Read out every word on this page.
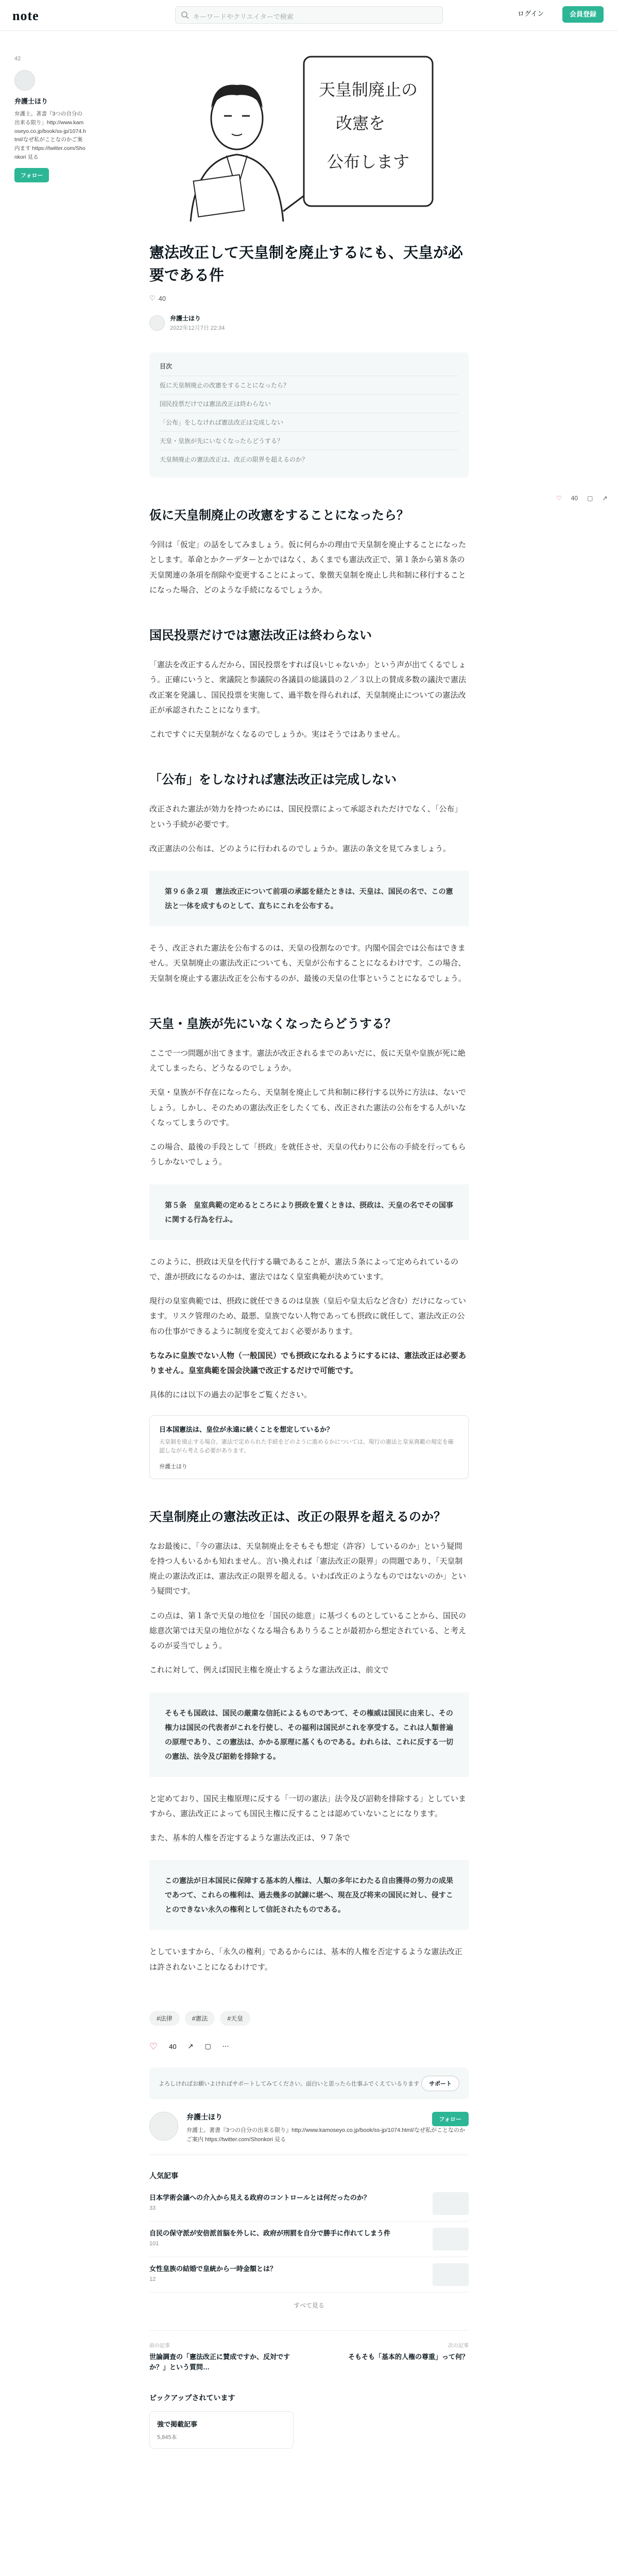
note	キーワードやクリエイターで検索	ログイン	会員登録
42
弁護士ほり
弁護士。著書『3つの自分の出来る限り」http://www.kamoseyo.co.jp/book/ss-jp/1074.html/なぜ私がことなのかご案内ます https://twitter.com/Shonkori 見る
フォロー
天皇制廃止の
改憲を
公布します
♡ 40 ▢ ↗
憲法改正して天皇制を廃止するにも、天皇が必要である件
♡ 40
弁護士ほり
2022年12月7日 22:34
目次
仮に天皇制廃止の改憲をすることになったら？
国民投票だけでは憲法改正は終わらない
「公布」をしなければ憲法改正は完成しない
天皇・皇族が先にいなくなったらどうする？
天皇制廃止の憲法改正は、改正の限界を超えるのか？
仮に天皇制廃止の改憲をすることになったら？

今回は「仮定」の話をしてみましょう。仮に何らかの理由で天皇制を廃止することになったとします。革命とかクーデターとかではなく、あくまでも憲法改正で、第１条から第８条の天皇関連の条項を削除や変更することによって、象徴天皇制を廃止し共和制に移行することになった場合、どのような手続になるでしょうか。

国民投票だけでは憲法改正は終わらない

「憲法を改正するんだから、国民投票をすれば良いじゃないか」という声が出てくるでしょう。正確にいうと、衆議院と参議院の各議員の総議員の２／３以上の賛成多数の議決で憲法改正案を発議し、国民投票を実施して、過半数を得られれば、天皇制廃止についての憲法改正が承認されたことになります。

これですぐに天皇制がなくなるのでしょうか。実はそうではありません。

「公布」をしなければ憲法改正は完成しない

改正された憲法が効力を持つためには、国民投票によって承認されただけでなく、「公布」という手続が必要です。

改正憲法の公布は、どのように行われるのでしょうか。憲法の条文を見てみましょう。

第９６条２項　憲法改正について前項の承認を経たときは、天皇は、国民の名で、この憲法と一体を成すものとして、直ちにこれを公布する。

そう、改正された憲法を公布するのは、天皇の役割なのです。内閣や国会では公布はできません。天皇制廃止の憲法改正についても、天皇が公布することになるわけです。この場合、天皇制を廃止する憲法改正を公布するのが、最後の天皇の仕事ということになるでしょう。

天皇・皇族が先にいなくなったらどうする？

ここで一つ問題が出てきます。憲法が改正されるまでのあいだに、仮に天皇や皇族が死に絶えてしまったら、どうなるのでしょうか。

天皇・皇族が不存在になったら、天皇制を廃止して共和制に移行する以外に方法は、ないでしょう。しかし、そのための憲法改正をしたくても、改正された憲法の公布をする人がいなくなってしまうのです。

この場合、最後の手段として「摂政」を就任させ、天皇の代わりに公布の手続を行ってもらうしかないでしょう。

第５条　皇室典範の定めるところにより摂政を置くときは、摂政は、天皇の名でその国事に関する行為を行ふ。

このように、摂政は天皇を代行する職であることが、憲法５条によって定められているので、誰が摂政になるのかは、憲法ではなく皇室典範が決めています。

現行の皇室典範では、摂政に就任できるのは皇族（皇后や皇太后など含む）だけになっています。リスク管理のため、最悪、皇族でない人物であっても摂政に就任して、憲法改正の公布の仕事ができるように制度を変えておく必要があります。

ちなみに皇族でない人物（一般国民）でも摂政になれるようにするには、憲法改正は必要ありません。皇室典範を国会決議で改正するだけで可能です。

具体的には以下の過去の記事をご覧ください。

日本国憲法は、皇位が永遠に続くことを想定しているか？
天皇制を廃止する場合、憲法で定められた手続をどのように進めるかについては、現行の憲法と皇室典範の規定を確認しながら考える必要があります。
弁護士ほり
天皇制廃止の憲法改正は、改正の限界を超えるのか？

なお最後に、「今の憲法は、天皇制廃止をそもそも想定（許容）しているのか」という疑問を持つ人もいるかも知れません。言い換えれば「憲法改正の限界」の問題であり、「天皇制廃止の憲法改正は、憲法改正の限界を超える。いわば改正のようなものではないのか」という疑問です。

この点は、第１条で天皇の地位を「国民の総意」に基づくものとしていることから、国民の総意次第では天皇の地位がなくなる場合もありうることが最初から想定されている、と考えるのが妥当でしょう。

これに対して、例えば国民主権を廃止するような憲法改正は、前文で

そもそも国政は、国民の厳粛な信託によるものであつて、その権威は国民に由来し、その権力は国民の代表者がこれを行使し、その福利は国民がこれを享受する。これは人類普遍の原理であり、この憲法は、かかる原理に基くものである。われらは、これに反する一切の憲法、法令及び詔勅を排除する。

と定めており、国民主権原理に反する「一切の憲法」法令及び詔勅を排除する」としていますから、憲法改正によっても国民主権に反することは認めていないことになります。

また、基本的人権を否定するような憲法改正は、９７条で

この憲法が日本国民に保障する基本的人権は、人類の多年にわたる自由獲得の努力の成果であつて、これらの権利は、過去幾多の試錬に堪へ、現在及び将来の国民に対し、侵すことのできない永久の権利として信託されたものである。

としていますから、「永久の権利」であるからには、基本的人権を否定するような憲法改正は許されないことになるわけです。

#法律	#憲法	#天皇
♡ 40 ↗ ▢ ⋯
よろしければお願いよければサポートしてみてください。面白いと思ったら仕事ふでくえているります	サポート
弁護士ほり
弁護士。著書『3つの自分の出来る限り』http://www.kamoseyo.co.jp/book/ss-jp/1074.html/なぜ私がことなのかご案内 https://twitter.com/Shonkori 見る
フォロー
人気記事
日本学術会議への介入から見える政府のコントロールとは何だったのか？
33
自民の保守派が安倍派首脳を外しに、政府が刑罰を自分で勝手に作れてしまう件
101
女性皇族の結婚で皇統から一時金額とは？
12
すべて見る
前の記事
世論調査の「憲法改正に賛成ですか、反対ですか？」という質問…
次の記事
そもそも「基本的人権の尊重」って何？
ピックアップされています
強で掲載記事
5,845本
